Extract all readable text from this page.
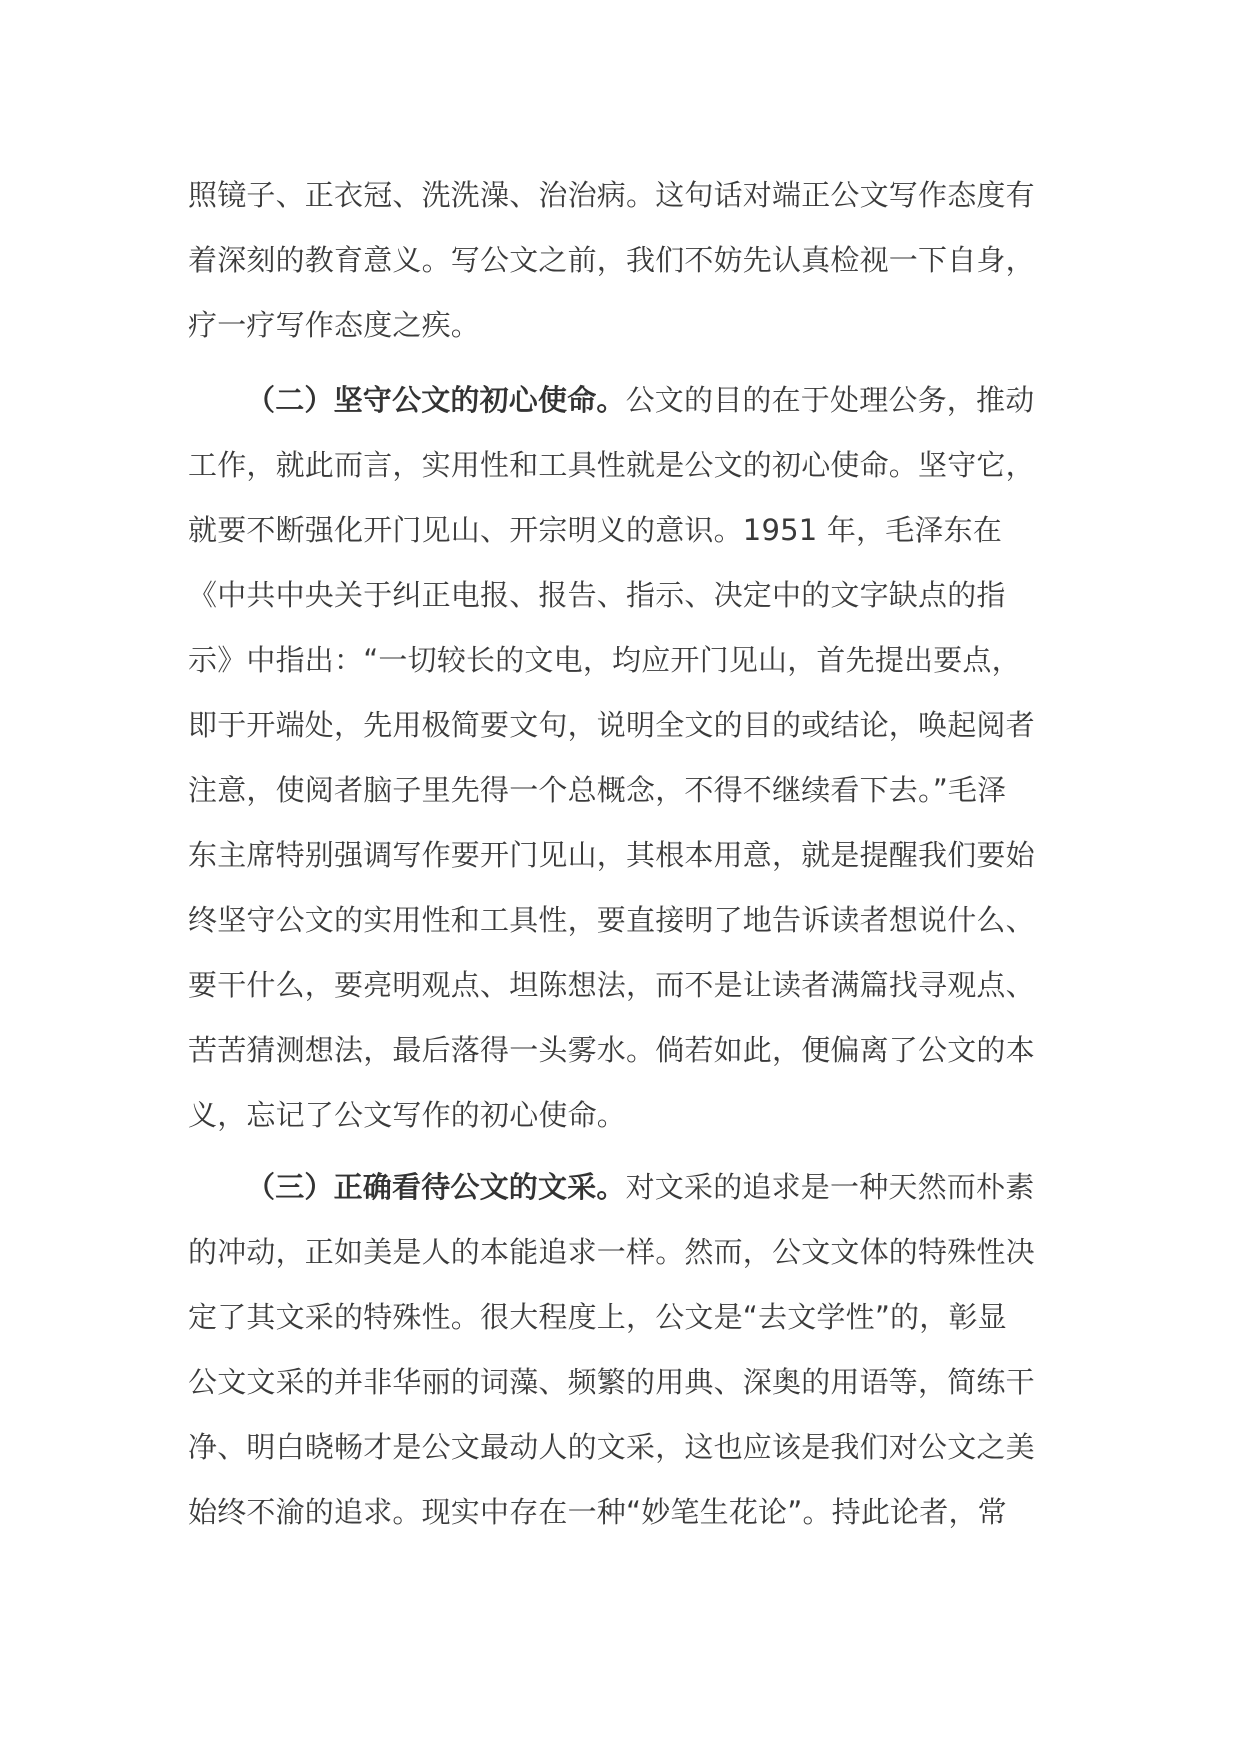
照镜子、正衣冠、洗洗澡、治治病。这句话对端正公文写作态度有
着深刻的教育意义。写公文之前，我们不妨先认真检视一下自身，
疗一疗写作态度之疾。
（二）坚守公文的初心使命。公文的目的在于处理公务，推动
工作，就此而言，实用性和工具性就是公文的初心使命。坚守它，
就要不断强化开门见山、开宗明义的意识。1951 年，毛泽东在
《中共中央关于纠正电报、报告、指示、决定中的文字缺点的指
示》中指出：“一切较长的文电，均应开门见山，首先提出要点，
即于开端处，先用极简要文句，说明全文的目的或结论，唤起阅者
注意，使阅者脑子里先得一个总概念，不得不继续看下去。”毛泽
东主席特别强调写作要开门见山，其根本用意，就是提醒我们要始
终坚守公文的实用性和工具性，要直接明了地告诉读者想说什么、
要干什么，要亮明观点、坦陈想法，而不是让读者满篇找寻观点、
苦苦猜测想法，最后落得一头雾水。倘若如此，便偏离了公文的本
义，忘记了公文写作的初心使命。
（三）正确看待公文的文采。对文采的追求是一种天然而朴素
的冲动，正如美是人的本能追求一样。然而，公文文体的特殊性决
定了其文采的特殊性。很大程度上，公文是“去文学性”的，彰显
公文文采的并非华丽的词藻、频繁的用典、深奥的用语等，简练干
净、明白晓畅才是公文最动人的文采，这也应该是我们对公文之美
始终不渝的追求。现实中存在一种“妙笔生花论”。持此论者，常
